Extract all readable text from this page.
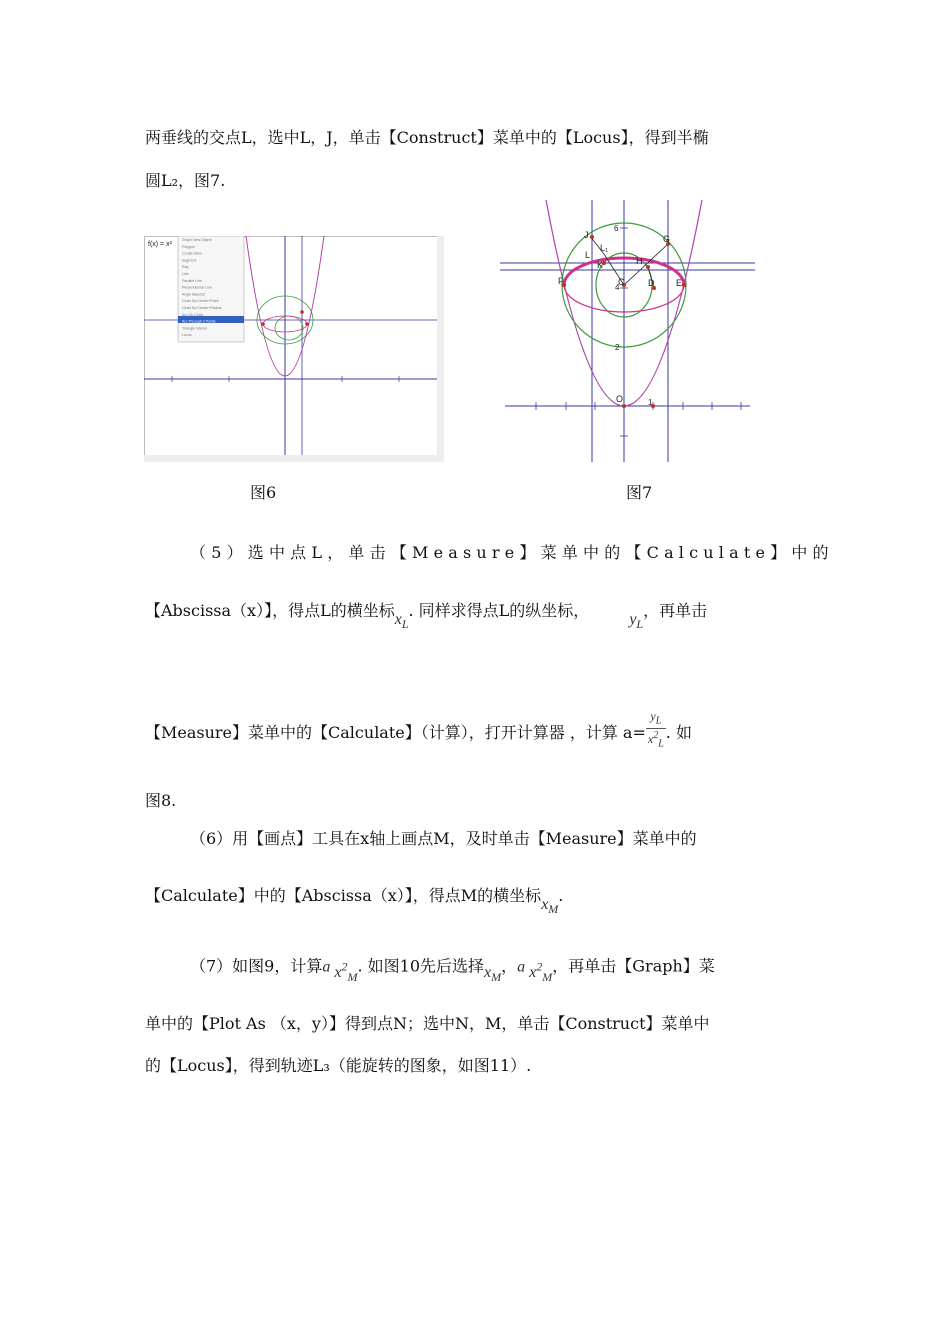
两垂线的交点L，选中L，J，单击【Construct】菜单中的【Locus】，得到半椭
圆L₂，图7.
f(x) = x²
Graph New Object
Polygon
Construction
Segment
Ray
Line
Parallel Line
Perpendicular Line
Angle Bisector
Circle By Center+Point
Circle By Center+Radius
Arc On Circle
Arc Through 3 Points
Triangle Interior
Locus
J	G
L
L₁
K	H
C	D
F	E
4
2
6
O	1
图6	图7
（5）选中点L，单击【Measure】菜单中的【Calculate】中的
【Abscissa（x）】，得点L的横坐标$x_L$. 同样求得点L的纵坐标，	$y_L$，再单击
【Measure】菜单中的【Calculate】（计算），打开计算器 ，计算 $a= \frac{y_L}{x^2_L}$ . 如
图8.
（6）用【画点】工具在x轴上画点M，及时单击【Measure】菜单中的
【Calculate】中的【Abscissa（x）】，得点M的横坐标$x_M$.
（7）如图9，计算a $x^2_M$. 如图10先后选择$x_M$，a $x^2_M$，再单击【Graph】菜
单中的【Plot As （x，y）】得到点N；选中N，M，单击【Construct】菜单中
的【Locus】，得到轨迹L₃（能旋转的图象，如图11）.
